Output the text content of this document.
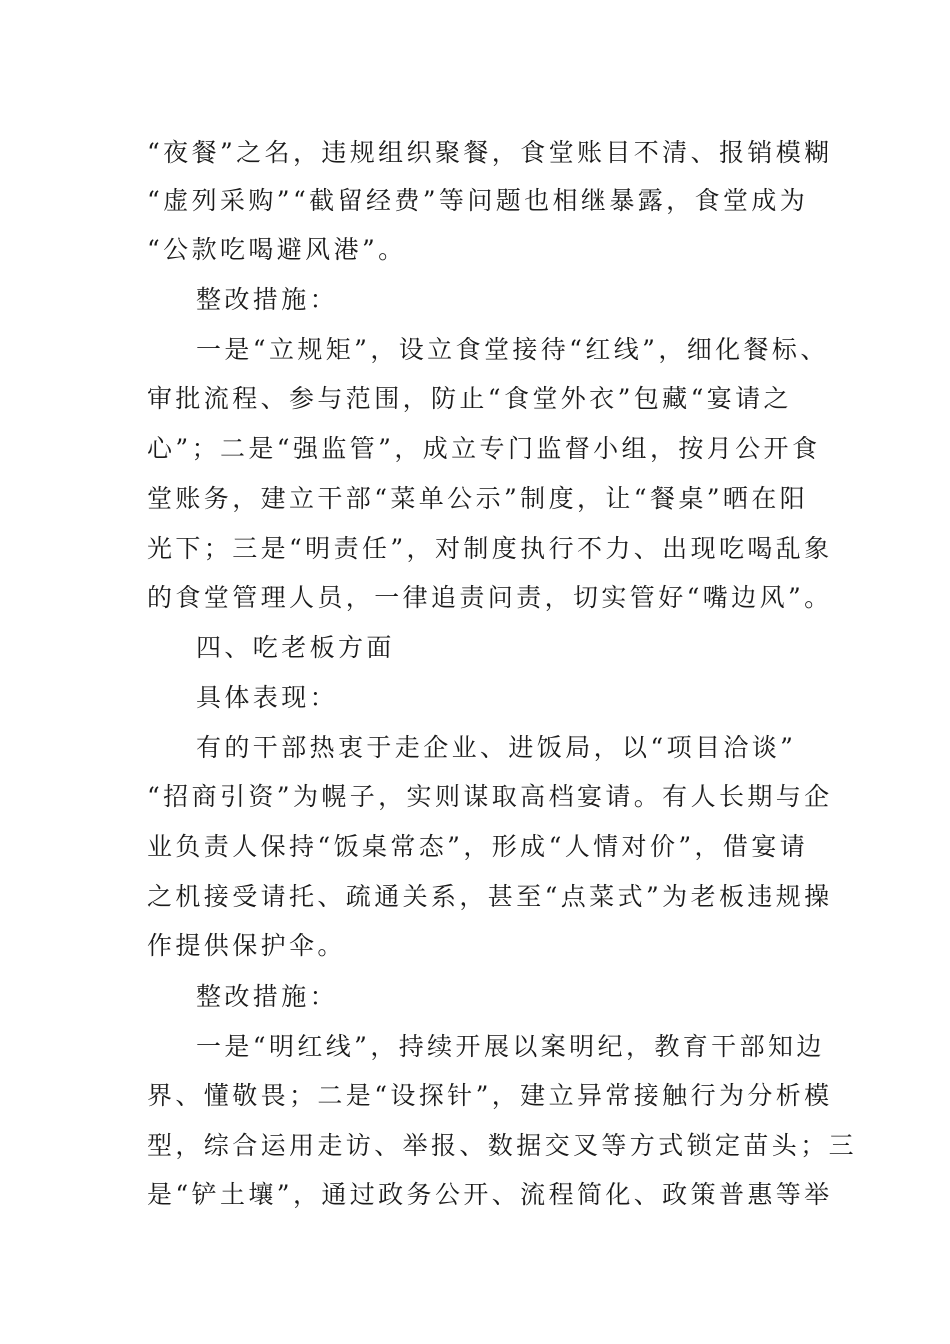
“夜餐”之名，违规组织聚餐，食堂账目不清、报销模糊
“虚列采购”“截留经费”等问题也相继暴露，食堂成为
“公款吃喝避风港”。
整改措施：
一是“立规矩”，设立食堂接待“红线”，细化餐标、
审批流程、参与范围，防止“食堂外衣”包藏“宴请之
心”；二是“强监管”，成立专门监督小组，按月公开食
堂账务，建立干部“菜单公示”制度，让“餐桌”晒在阳
光下；三是“明责任”，对制度执行不力、出现吃喝乱象
的食堂管理人员，一律追责问责，切实管好“嘴边风”。
四、吃老板方面
具体表现：
有的干部热衷于走企业、进饭局，以“项目洽谈”
“招商引资”为幌子，实则谋取高档宴请。有人长期与企
业负责人保持“饭桌常态”，形成“人情对价”，借宴请
之机接受请托、疏通关系，甚至“点菜式”为老板违规操
作提供保护伞。
整改措施：
一是“明红线”，持续开展以案明纪，教育干部知边
界、懂敬畏；二是“设探针”，建立异常接触行为分析模
型，综合运用走访、举报、数据交叉等方式锁定苗头；三
是“铲土壤”，通过政务公开、流程简化、政策普惠等举
